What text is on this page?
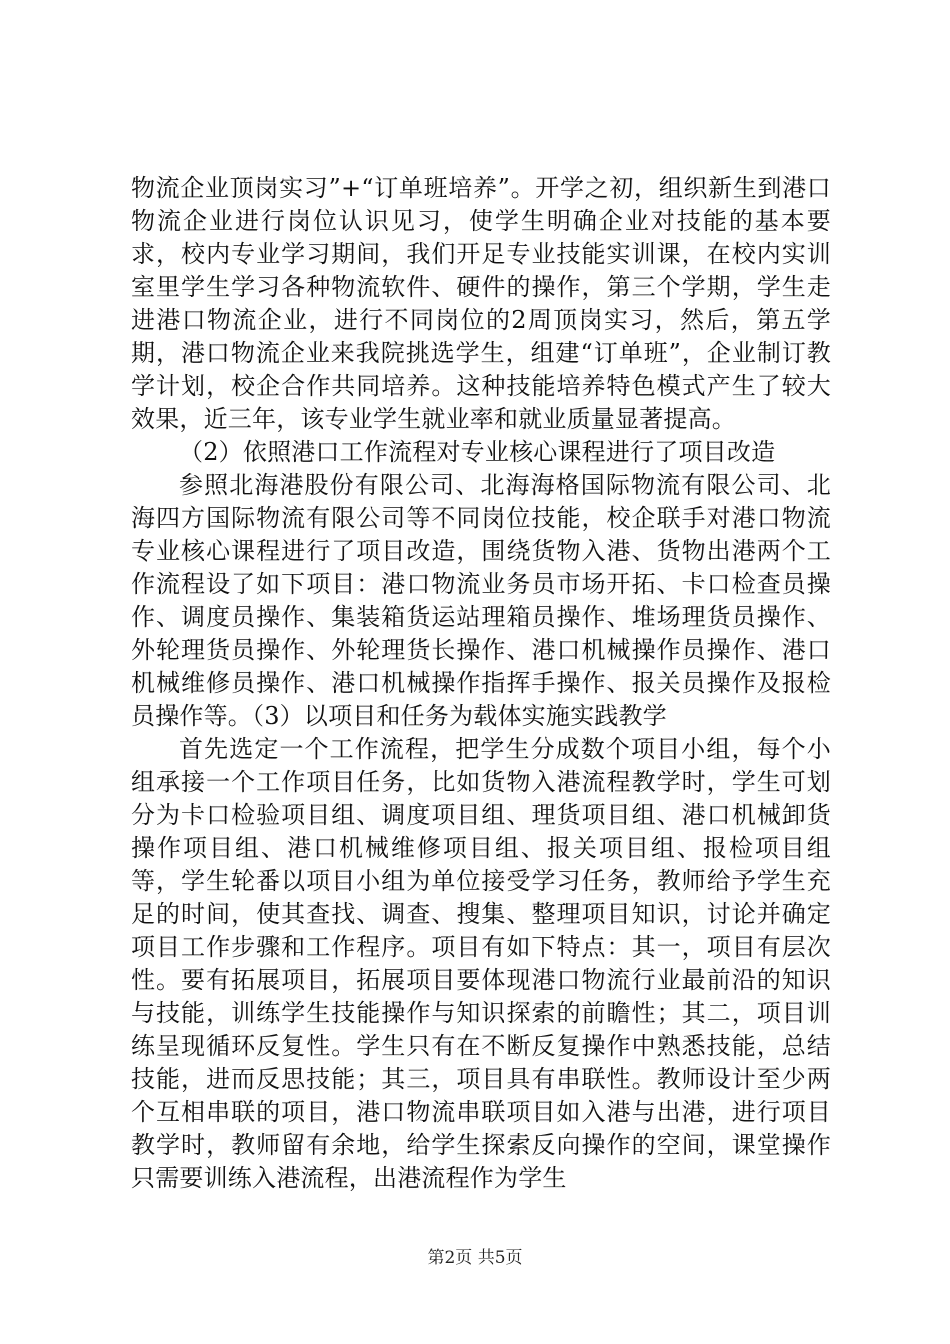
物流企业顶岗实习”+“订单班培养”。开学之初，组织新生到港口物流企业进行岗位认识见习，使学生明确企业对技能的基本要求，校内专业学习期间，我们开足专业技能实训课，在校内实训室里学生学习各种物流软件、硬件的操作，第三个学期，学生走进港口物流企业，进行不同岗位的2周顶岗实习，然后，第五学期，港口物流企业来我院挑选学生，组建“订单班”，企业制订教学计划，校企合作共同培养。这种技能培养特色模式产生了较大效果，近三年，该专业学生就业率和就业质量显著提高。

（2）依照港口工作流程对专业核心课程进行了项目改造

参照北海港股份有限公司、北海海格国际物流有限公司、北海四方国际物流有限公司等不同岗位技能，校企联手对港口物流专业核心课程进行了项目改造，围绕货物入港、货物出港两个工作流程设了如下项目：港口物流业务员市场开拓、卡口检查员操作、调度员操作、集装箱货运站理箱员操作、堆场理货员操作、外轮理货员操作、外轮理货长操作、港口机械操作员操作、港口机械维修员操作、港口机械操作指挥手操作、报关员操作及报检员操作等。（3）以项目和任务为载体实施实践教学

首先选定一个工作流程，把学生分成数个项目小组，每个小组承接一个工作项目任务，比如货物入港流程教学时，学生可划分为卡口检验项目组、调度项目组、理货项目组、港口机械卸货操作项目组、港口机械维修项目组、报关项目组、报检项目组等，学生轮番以项目小组为单位接受学习任务，教师给予学生充足的时间，使其查找、调查、搜集、整理项目知识，讨论并确定项目工作步骤和工作程序。项目有如下特点：其一，项目有层次性。要有拓展项目，拓展项目要体现港口物流行业最前沿的知识与技能，训练学生技能操作与知识探索的前瞻性；其二，项目训练呈现循环反复性。学生只有在不断反复操作中熟悉技能，总结技能，进而反思技能；其三，项目具有串联性。教师设计至少两个互相串联的项目，港口物流串联项目如入港与出港，进行项目教学时，教师留有余地，给学生探索反向操作的空间，课堂操作只需要训练入港流程，出港流程作为学生

第2页 共5页
